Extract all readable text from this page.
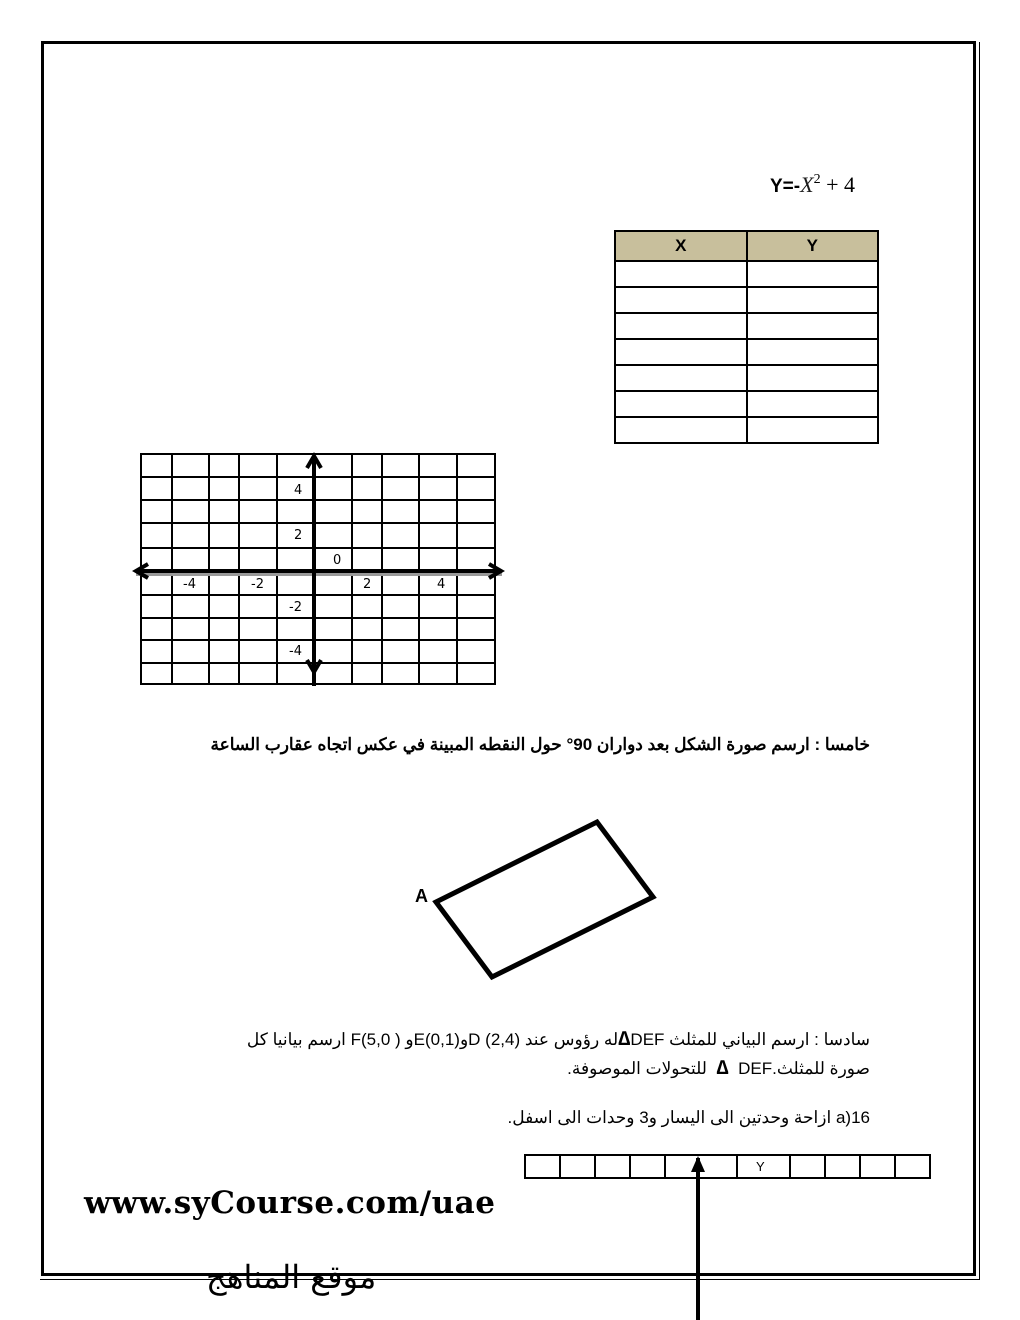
$Y=-X^2 + 4$
X	Y

-4	-2	2	4
4
2
-2
-4
0
خامسا : ارسم صورة الشكل بعد دواران 90° حول النقطه المبينة في عكس اتجاه عقارب الساعة
A
سادسا : ارسم البياني للمثلث DEF∆له رؤوس عند (2,4) Dو(0,1)Eو ( F(5,0 ارسم بيانيا كل
صورة للمثلث.DEF  ∆  للتحولات الموصوفة.
16(a ازاحة وحدتين الى اليسار و3 وحدات الى اسفل.
					Y				
www.syCourse.com/uae
موقع المناهج
